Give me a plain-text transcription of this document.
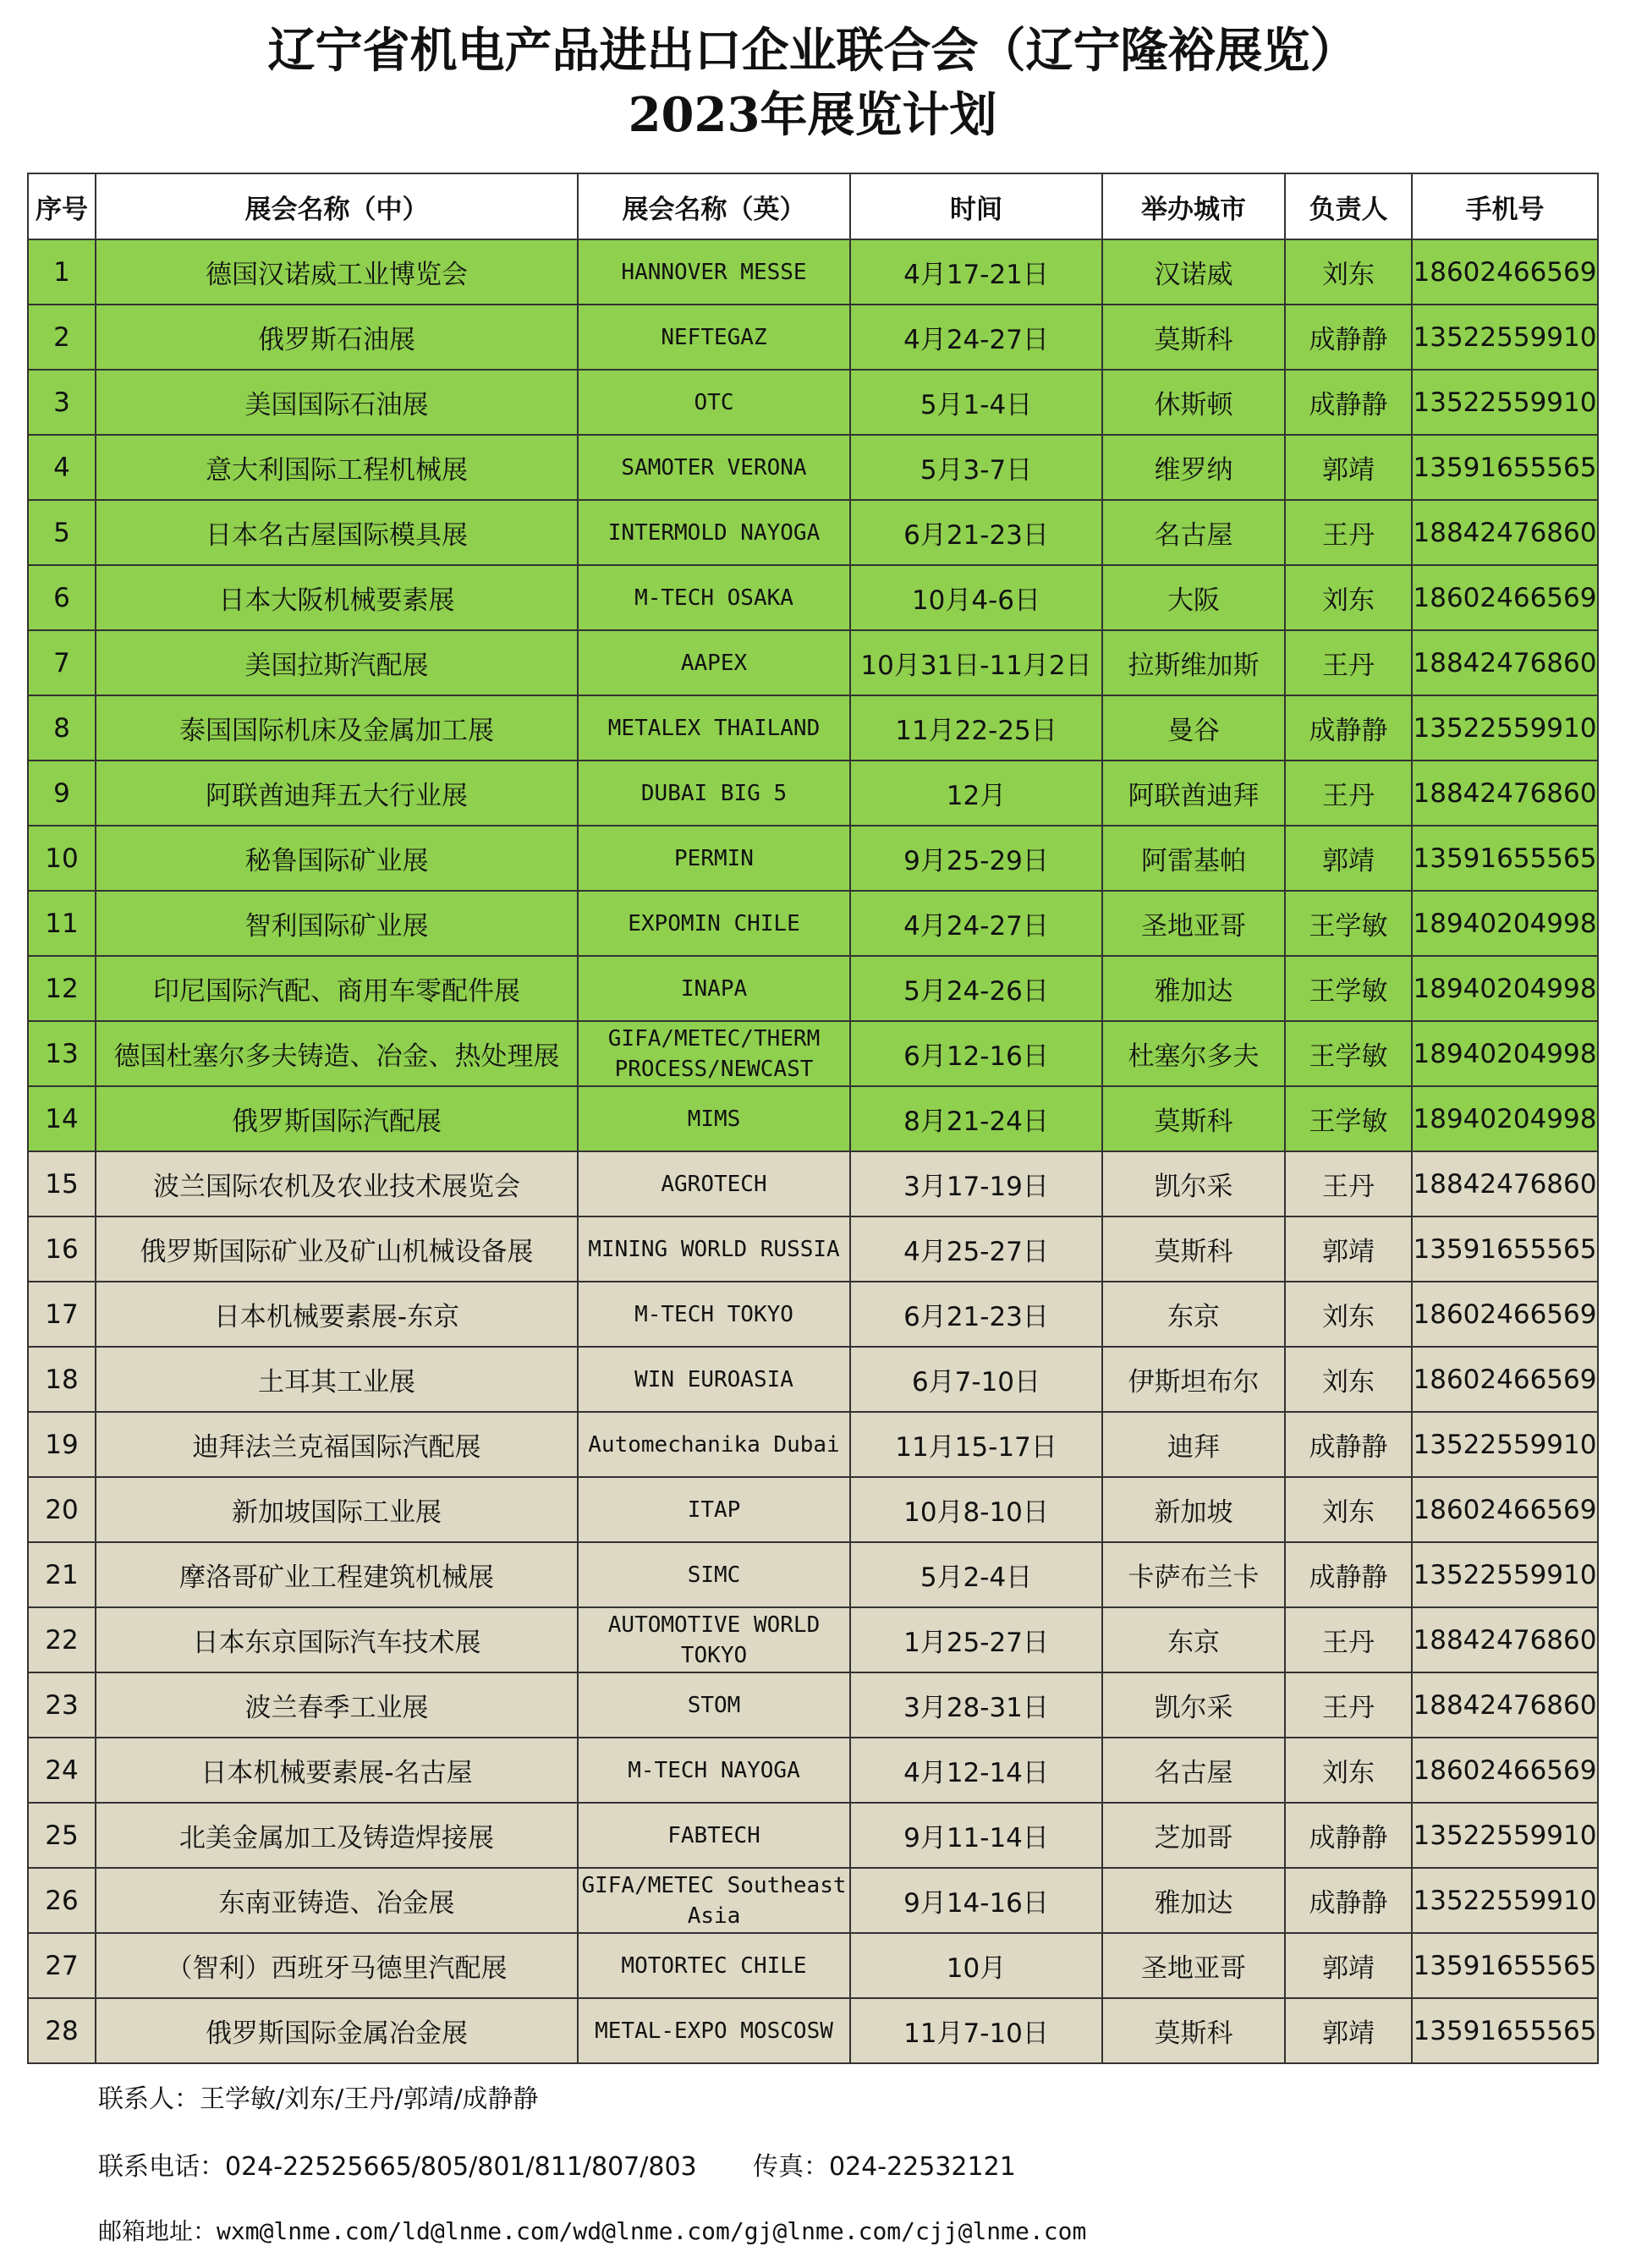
辽宁省机电产品进出口企业联合会（辽宁隆裕展览）
2023年展览计划
序号	展会名称（中）	展会名称（英）	时间	举办城市	负责人	手机号
1	德国汉诺威工业博览会	HANNOVER MESSE	4月17-21日	汉诺威	刘东	18602466569
2	俄罗斯石油展	NEFTEGAZ	4月24-27日	莫斯科	成静静	13522559910
3	美国国际石油展	OTC	5月1-4日	休斯顿	成静静	13522559910
4	意大利国际工程机械展	SAMOTER VERONA	5月3-7日	维罗纳	郭靖	13591655565
5	日本名古屋国际模具展	INTERMOLD NAYOGA	6月21-23日	名古屋	王丹	18842476860
6	日本大阪机械要素展	M-TECH OSAKA	10月4-6日	大阪	刘东	18602466569
7	美国拉斯汽配展	AAPEX	10月31日-11月2日	拉斯维加斯	王丹	18842476860
8	泰国国际机床及金属加工展	METALEX THAILAND	11月22-25日	曼谷	成静静	13522559910
9	阿联酋迪拜五大行业展	DUBAI BIG 5	12月	阿联酋迪拜	王丹	18842476860
10	秘鲁国际矿业展	PERMIN	9月25-29日	阿雷基帕	郭靖	13591655565
11	智利国际矿业展	EXPOMIN CHILE	4月24-27日	圣地亚哥	王学敏	18940204998
12	印尼国际汽配、商用车零配件展	INAPA	5月24-26日	雅加达	王学敏	18940204998
13	德国杜塞尔多夫铸造、冶金、热处理展	GIFA/METEC/THERM PROCESS/NEWCAST	6月12-16日	杜塞尔多夫	王学敏	18940204998
14	俄罗斯国际汽配展	MIMS	8月21-24日	莫斯科	王学敏	18940204998
15	波兰国际农机及农业技术展览会	AGROTECH	3月17-19日	凯尔采	王丹	18842476860
16	俄罗斯国际矿业及矿山机械设备展	MINING WORLD RUSSIA	4月25-27日	莫斯科	郭靖	13591655565
17	日本机械要素展-东京	M-TECH TOKYO	6月21-23日	东京	刘东	18602466569
18	土耳其工业展	WIN EUROASIA	6月7-10日	伊斯坦布尔	刘东	18602466569
19	迪拜法兰克福国际汽配展	Automechanika Dubai	11月15-17日	迪拜	成静静	13522559910
20	新加坡国际工业展	ITAP	10月8-10日	新加坡	刘东	18602466569
21	摩洛哥矿业工程建筑机械展	SIMC	5月2-4日	卡萨布兰卡	成静静	13522559910
22	日本东京国际汽车技术展	AUTOMOTIVE WORLD TOKYO	1月25-27日	东京	王丹	18842476860
23	波兰春季工业展	STOM	3月28-31日	凯尔采	王丹	18842476860
24	日本机械要素展-名古屋	M-TECH NAYOGA	4月12-14日	名古屋	刘东	18602466569
25	北美金属加工及铸造焊接展	FABTECH	9月11-14日	芝加哥	成静静	13522559910
26	东南亚铸造、冶金展	GIFA/METEC Southeast Asia	9月14-16日	雅加达	成静静	13522559910
27	（智利）西班牙马德里汽配展	MOTORTEC CHILE	10月	圣地亚哥	郭靖	13591655565
28	俄罗斯国际金属冶金展	METAL-EXPO MOSCOSW	11月7-10日	莫斯科	郭靖	13591655565
联系人：王学敏/刘东/王丹/郭靖/成静静
联系电话：024-22525665/805/801/811/807/803 传真：024-22532121
邮箱地址：wxm@lnme.com/ld@lnme.com/wd@lnme.com/gj@lnme.com/cjj@lnme.com
